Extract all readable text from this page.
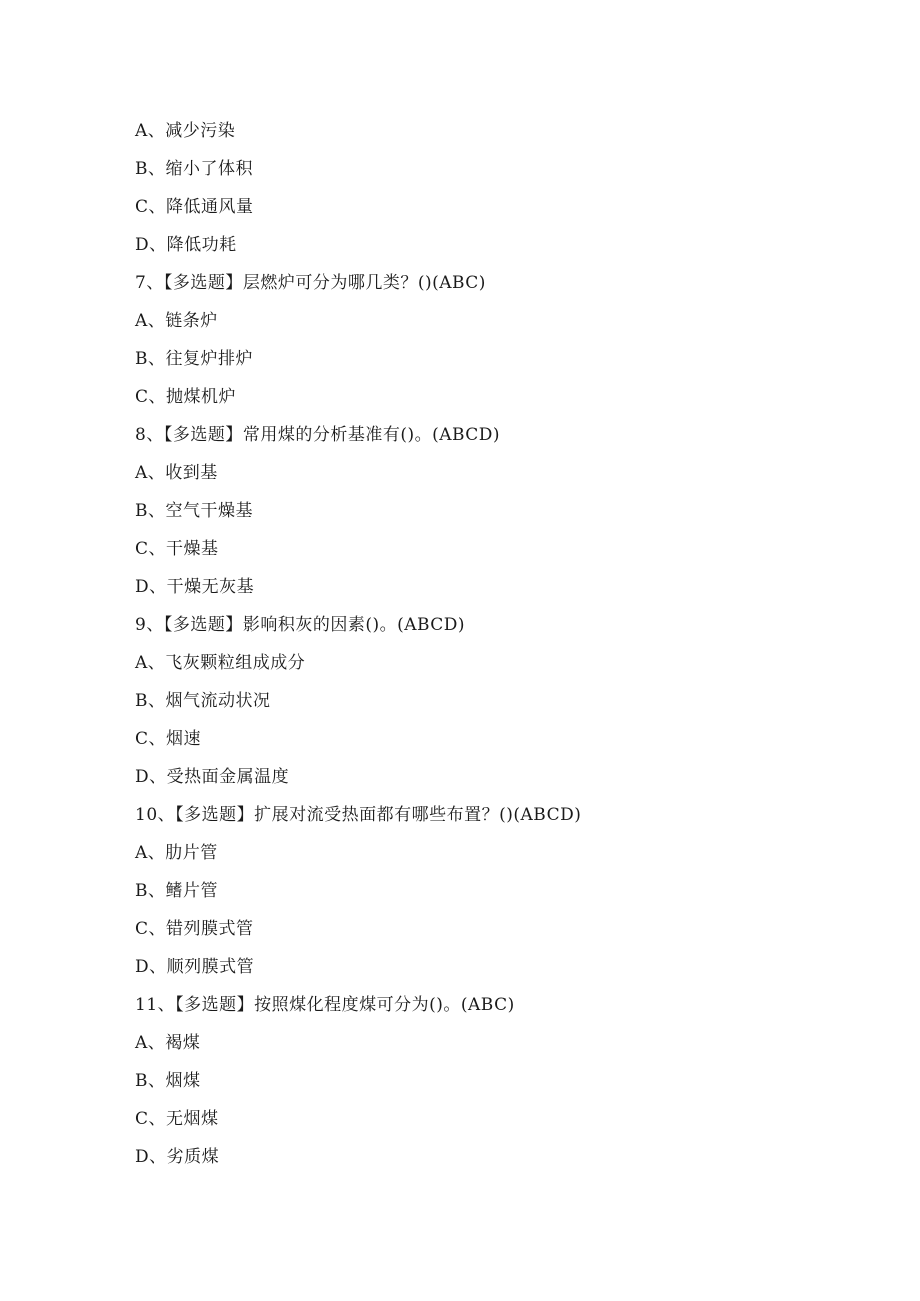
A、减少污染
B、缩小了体积
C、降低通风量
D、降低功耗
7、【多选题】层燃炉可分为哪几类？()(ABC)
A、链条炉
B、往复炉排炉
C、抛煤机炉
8、【多选题】常用煤的分析基准有()。(ABCD)
A、收到基
B、空气干燥基
C、干燥基
D、干燥无灰基
9、【多选题】影响积灰的因素()。(ABCD)
A、飞灰颗粒组成成分
B、烟气流动状况
C、烟速
D、受热面金属温度
10、【多选题】扩展对流受热面都有哪些布置？()(ABCD)
A、肋片管
B、鳍片管
C、错列膜式管
D、顺列膜式管
11、【多选题】按照煤化程度煤可分为()。(ABC)
A、褐煤
B、烟煤
C、无烟煤
D、劣质煤
